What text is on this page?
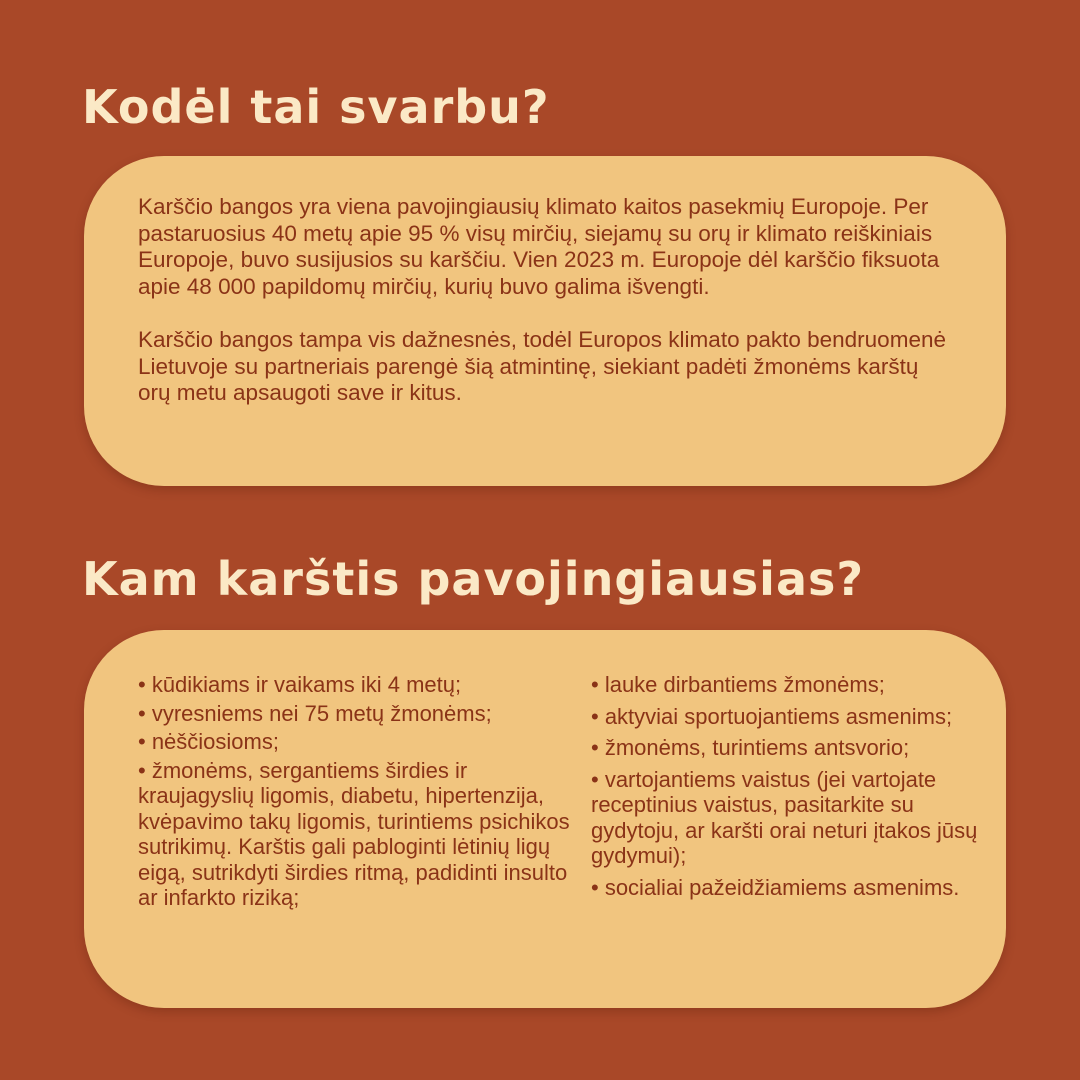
Kodėl tai svarbu?

Karščio bangos yra viena pavojingiausių klimato kaitos pasekmių Europoje. Per pastaruosius 40 metų apie 95 % visų mirčių, siejamų su orų ir klimato reiškiniais Europoje, buvo susijusios su karščiu. Vien 2023 m. Europoje dėl karščio fiksuota apie 48 000 papildomų mirčių, kurių buvo galima išvengti.

Karščio bangos tampa vis dažnesnės, todėl Europos klimato pakto bendruomenė Lietuvoje su partneriais parengė šią atmintinę, siekiant padėti žmonėms karštų orų metu apsaugoti save ir kitus.

Kam karštis pavojingiausias?
• kūdikiams ir vaikams iki 4 metų;
• vyresniems nei 75 metų žmonėms;
• nėščiosioms;
• žmonėms, sergantiems širdies ir kraujagyslių ligomis, diabetu, hipertenzija, kvėpavimo takų ligomis, turintiems psichikos sutrikimų. Karštis gali pabloginti lėtinių ligų eigą, sutrikdyti širdies ritmą, padidinti insulto ar infarkto riziką;
• lauke dirbantiems žmonėms;
• aktyviai sportuojantiems asmenims;
• žmonėms, turintiems antsvorio;
• vartojantiems vaistus (jei vartojate receptinius vaistus, pasitarkite su gydytoju, ar karšti orai neturi įtakos jūsų gydymui);
• socialiai pažeidžiamiems asmenims.
